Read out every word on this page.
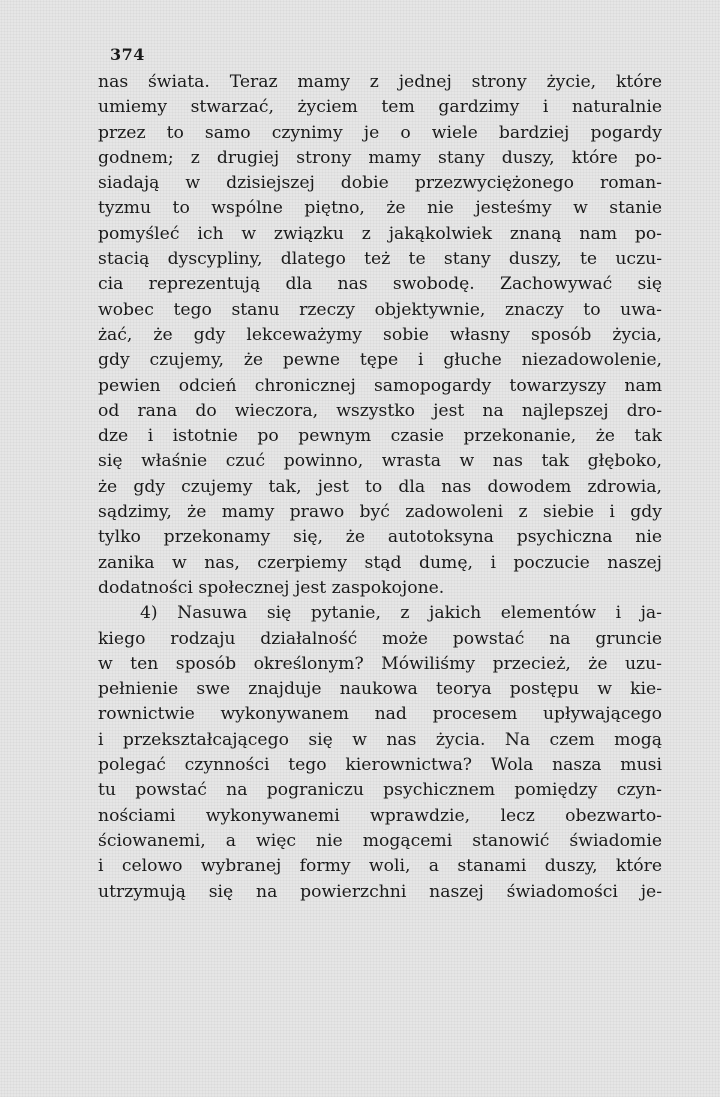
374
nas świata. Teraz mamy z jednej strony życie, które
umiemy stwarzać, życiem tem gardzimy i naturalnie
przez to samo czynimy je o wiele bardziej pogardy
godnem; z drugiej strony mamy stany duszy, które po-
siadają w dzisiejszej dobie przezwyciężonego roman-
tyzmu to wspólne piętno, że nie jesteśmy w stanie
pomyśleć ich w związku z jakąkolwiek znaną nam po-
stacią dyscypliny, dlatego też te stany duszy, te uczu-
cia reprezentują dla nas swobodę. Zachowywać się
wobec tego stanu rzeczy objektywnie, znaczy to uwa-
żać, że gdy lekceważymy sobie własny sposób życia,
gdy czujemy, że pewne tępe i głuche niezadowolenie,
pewien odcień chronicznej samopogardy towarzyszy nam
od rana do wieczora, wszystko jest na najlepszej dro-
dze i istotnie po pewnym czasie przekonanie, że tak
się właśnie czuć powinno, wrasta w nas tak głęboko,
że gdy czujemy tak, jest to dla nas dowodem zdrowia,
sądzimy, że mamy prawo być zadowoleni z siebie i gdy
tylko przekonamy się, że autotoksyna psychiczna nie
zanika w nas, czerpiemy stąd dumę, i poczucie naszej
dodatności społecznej jest zaspokojone.
4) Nasuwa się pytanie, z jakich elementów i ja-
kiego rodzaju działalność może powstać na gruncie
w ten sposób określonym? Mówiliśmy przecież, że uzu-
pełnienie swe znajduje naukowa teorya postępu w kie-
rownictwie wykonywanem nad procesem upływającego
i przekształcającego się w nas życia. Na czem mogą
polegać czynności tego kierownictwa? Wola nasza musi
tu powstać na pograniczu psychicznem pomiędzy czyn-
nościami wykonywanemi wprawdzie, lecz obezwarto-
ściowanemi, a więc nie mogącemi stanowić świadomie
i celowo wybranej formy woli, a stanami duszy, które
utrzymują się na powierzchni naszej świadomości je-
